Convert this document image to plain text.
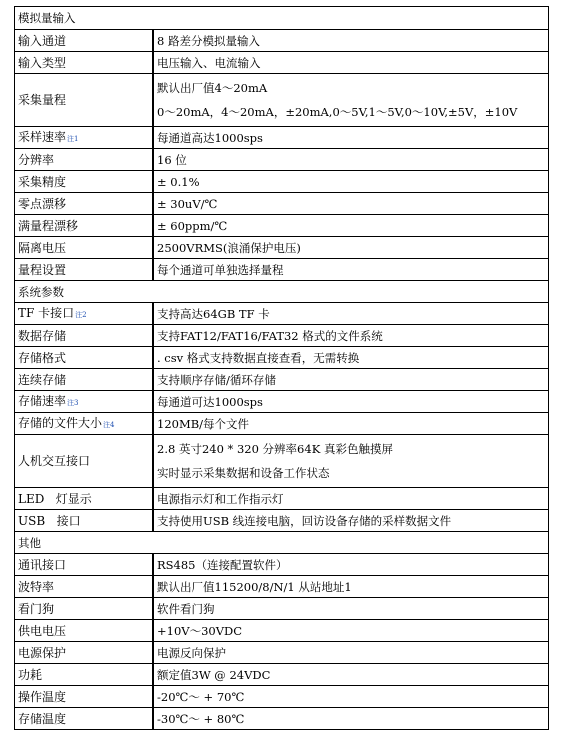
模拟量输入	
输入通道	8 路差分模拟量输入
输入类型	电压输入、电流输入
采集量程	默认出厂值4～20mA
0～20mA，4～20mA，±20mA,0～5V,1～5V,0～10V,±5V，±10V

采样速率注1	每通道高达1000sps
分辨率	16 位
采集精度	± 0.1%
零点漂移	± 30uV/℃
满量程漂移	± 60ppm/℃
隔离电压	2500VRMS(浪涌保护电压)
量程设置	每个通道可单独选择量程
系统参数	
TF 卡接口注2	支持高达64GB TF 卡
数据存储	支持FAT12/FAT16/FAT32 格式的文件系统
存储格式	. csv 格式支持数据直接查看，无需转换
连续存储	支持顺序存储/循环存储
存储速率注3	每通道可达1000sps
存储的文件大小注4	120MB/每个文件
人机交互接口	2.8 英寸240 * 320 分辨率64K 真彩色触摸屏
实时显示采集数据和设备工作状态

LED   灯显示	电源指示灯和工作指示灯
USB   接口	支持使用USB 线连接电脑，回访设备存储的采样数据文件
其他	
通讯接口	RS485（连接配置软件）
波特率	默认出厂值115200/8/N/1 从站地址1
看门狗	软件看门狗
供电电压	+10V～30VDC
电源保护	电源反向保护
功耗	额定值3W @ 24VDC
操作温度	-20℃～ + 70℃
存储温度	-30℃～ + 80℃
